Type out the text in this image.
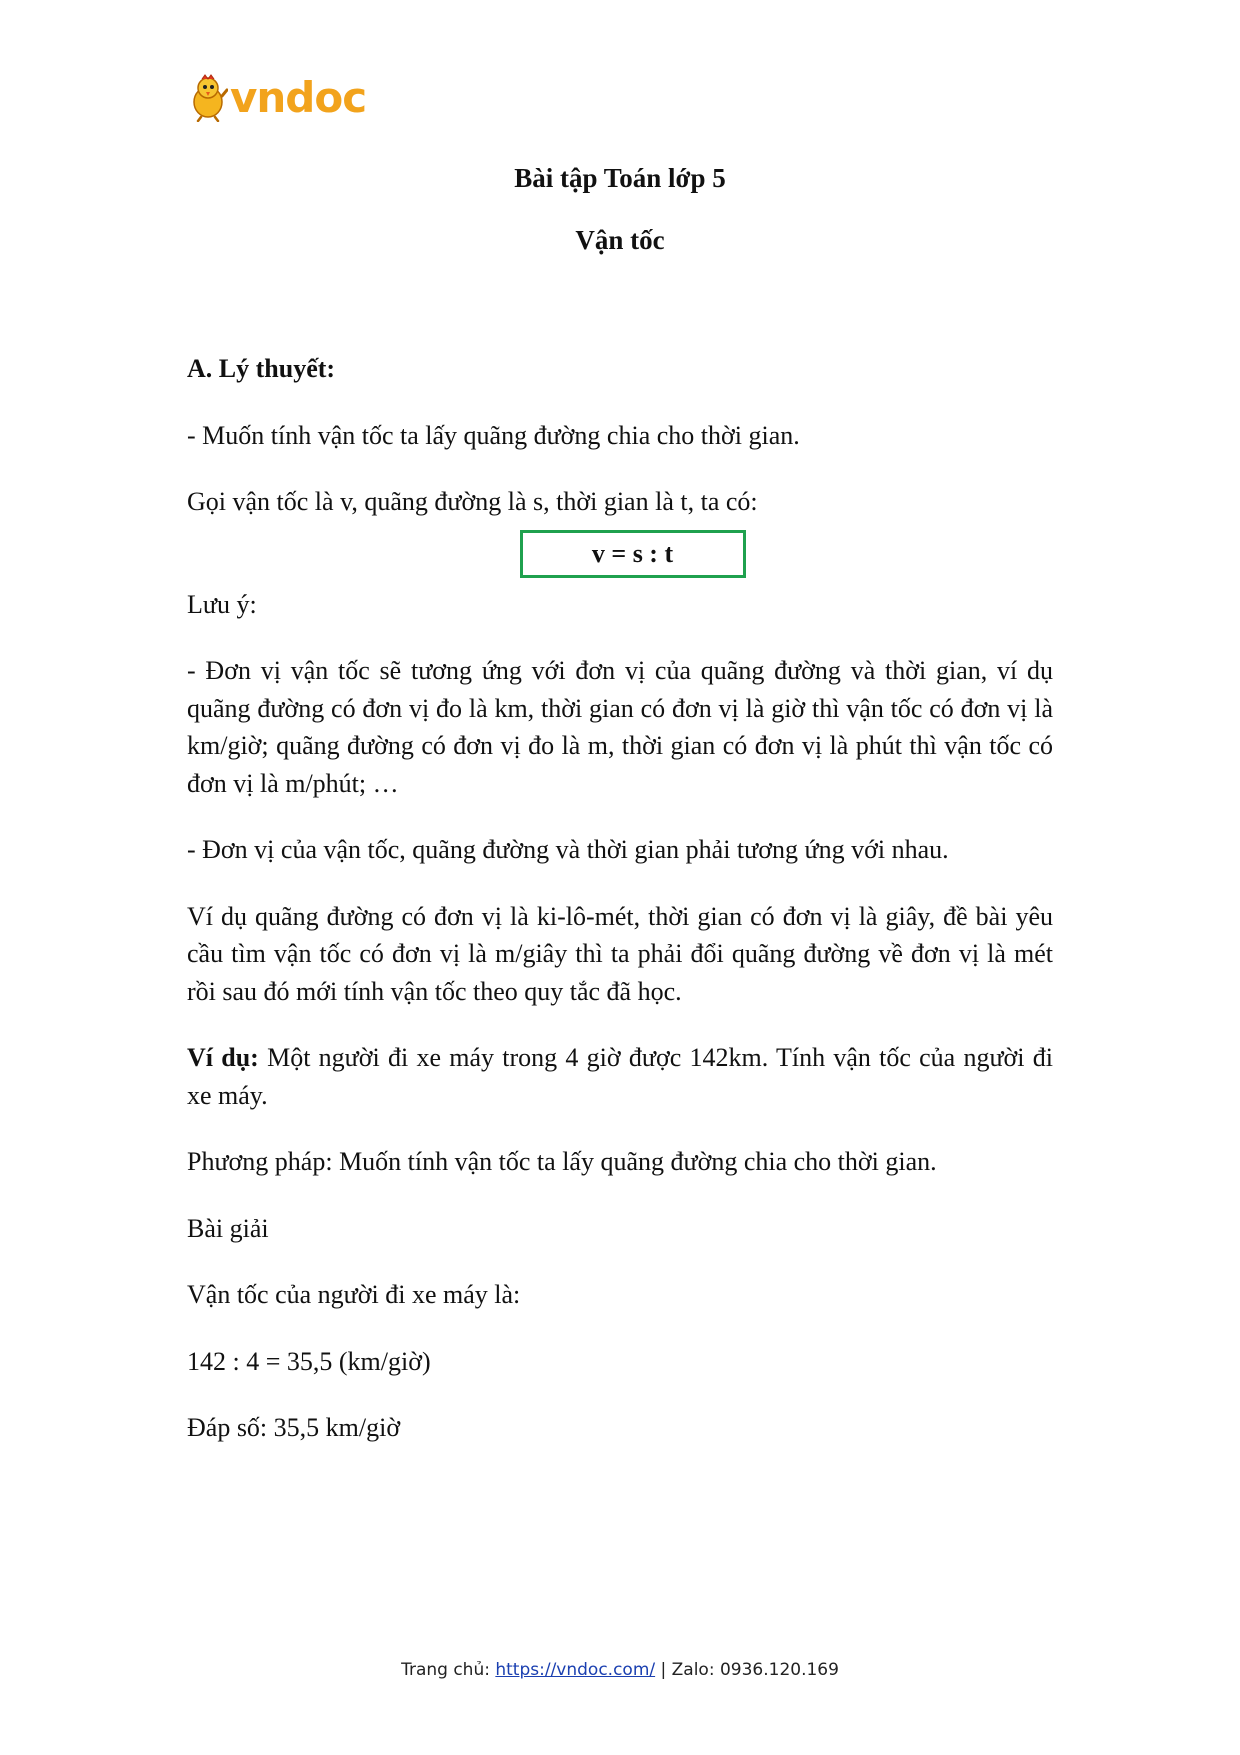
vndoc
Bài tập Toán lớp 5
Vận tốc

A. Lý thuyết:

- Muốn tính vận tốc ta lấy quãng đường chia cho thời gian.

Gọi vận tốc là v, quãng đường là s, thời gian là t, ta có:

v = s : t

Lưu ý:

- Đơn vị vận tốc sẽ tương ứng với đơn vị của quãng đường và thời gian, ví dụ quãng đường có đơn vị đo là km, thời gian có đơn vị là giờ thì vận tốc có đơn vị là km/giờ; quãng đường có đơn vị đo là m, thời gian có đơn vị là phút thì vận tốc có đơn vị là m/phút; …

- Đơn vị của vận tốc, quãng đường và thời gian phải tương ứng với nhau.

Ví dụ quãng đường có đơn vị là ki-lô-mét, thời gian có đơn vị là giây, đề bài yêu cầu tìm vận tốc có đơn vị là m/giây thì ta phải đổi quãng đường về đơn vị là mét rồi sau đó mới tính vận tốc theo quy tắc đã học.

Ví dụ: Một người đi xe máy trong 4 giờ được 142km. Tính vận tốc của người đi xe máy.

Phương pháp: Muốn tính vận tốc ta lấy quãng đường chia cho thời gian.

Bài giải

Vận tốc của người đi xe máy là:

142 : 4 = 35,5 (km/giờ)

Đáp số: 35,5 km/giờ

Trang chủ: https://vndoc.com/ | Zalo: 0936.120.169
